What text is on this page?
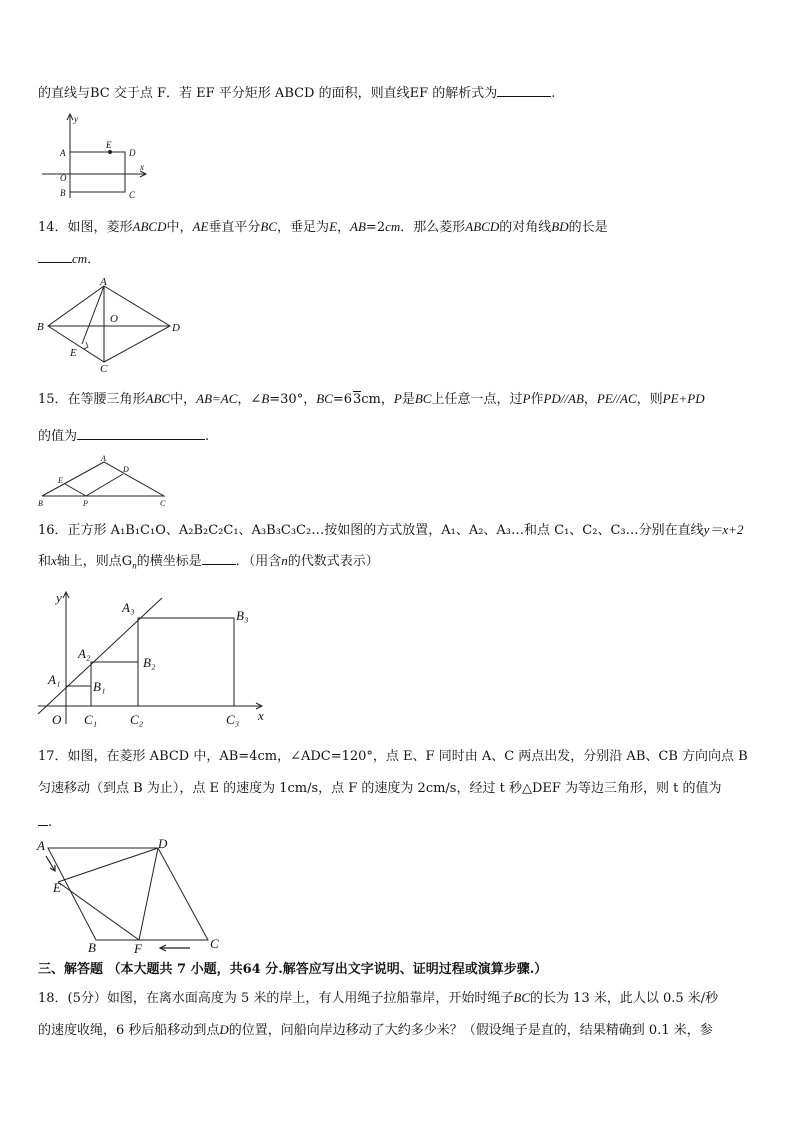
的直线与BC 交于点 F．若 EF 平分矩形 ABCD 的面积，则直线EF 的解析式为	.
y
x
A
E
D
O
B	C
14．如图，菱形ABCD中，AE垂直平分BC，垂足为E，AB=2cm．那么菱形ABCD的对角线BD的长是
cm．
A
B
O
D
E
C
15．在等腰三角形ABC中，AB=AC，∠B=30°，BC=63cm，P是BC上任意一点，过P作PD//AB，PE//AC，则PE+PD
的值为	.
A
E
D
B	P	C
16．正方形 A₁B₁C₁O、A₂B₂C₂C₁、A₃B₃C₃C₂…按如图的方式放置，A₁、A₂、A₃…和点 C₁、C₂、C₃…分别在直线y＝x+2
和x轴上，则点$G_n$的横坐标是	．（用含n的代数式表示）
y
x
O
A₁
A₂
A₃
B₁
B₂
B₃
C₁	C₂	C₃
17．如图，在菱形 ABCD 中，AB=4cm，∠ADC=120°，点 E、F 同时由 A、C 两点出发，分别沿 AB、CB 方向向点 B
匀速移动（到点 B 为止），点 E 的速度为 1cm/s，点 F 的速度为 2cm/s，经过 t 秒△DEF 为等边三角形，则 t 的值为
.
A	D
E
B	F	C
三、解答题 （本大题共 7 小题，共64 分.解答应写出文字说明、证明过程或演算步骤.）
18．(5分）如图，在离水面高度为 5 米的岸上，有人用绳子拉船靠岸，开始时绳子BC的长为 13 米，此人以 0.5 米/秒
的速度收绳，6 秒后船移动到点D的位置，问船向岸边移动了大约多少米？（假设绳子是直的，结果精确到 0.1 米，参
